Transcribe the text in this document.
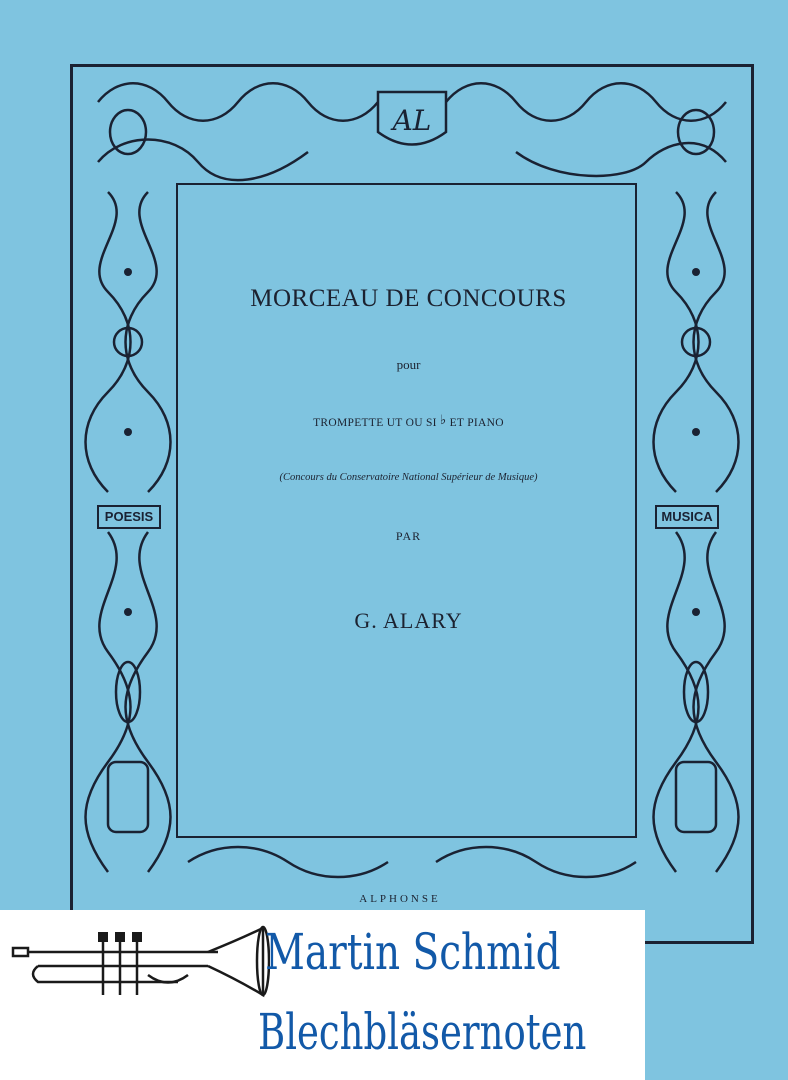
AL
POESIS	MUSICA
MORCEAU DE CONCOURS
pour
TROMPETTE UT OU SI ♭ ET PIANO
(Concours du Conservatoire National Supérieur de Musique)
PAR
G. ALARY
ALPHONSE
Martin Schmid
Blechbläsernoten
